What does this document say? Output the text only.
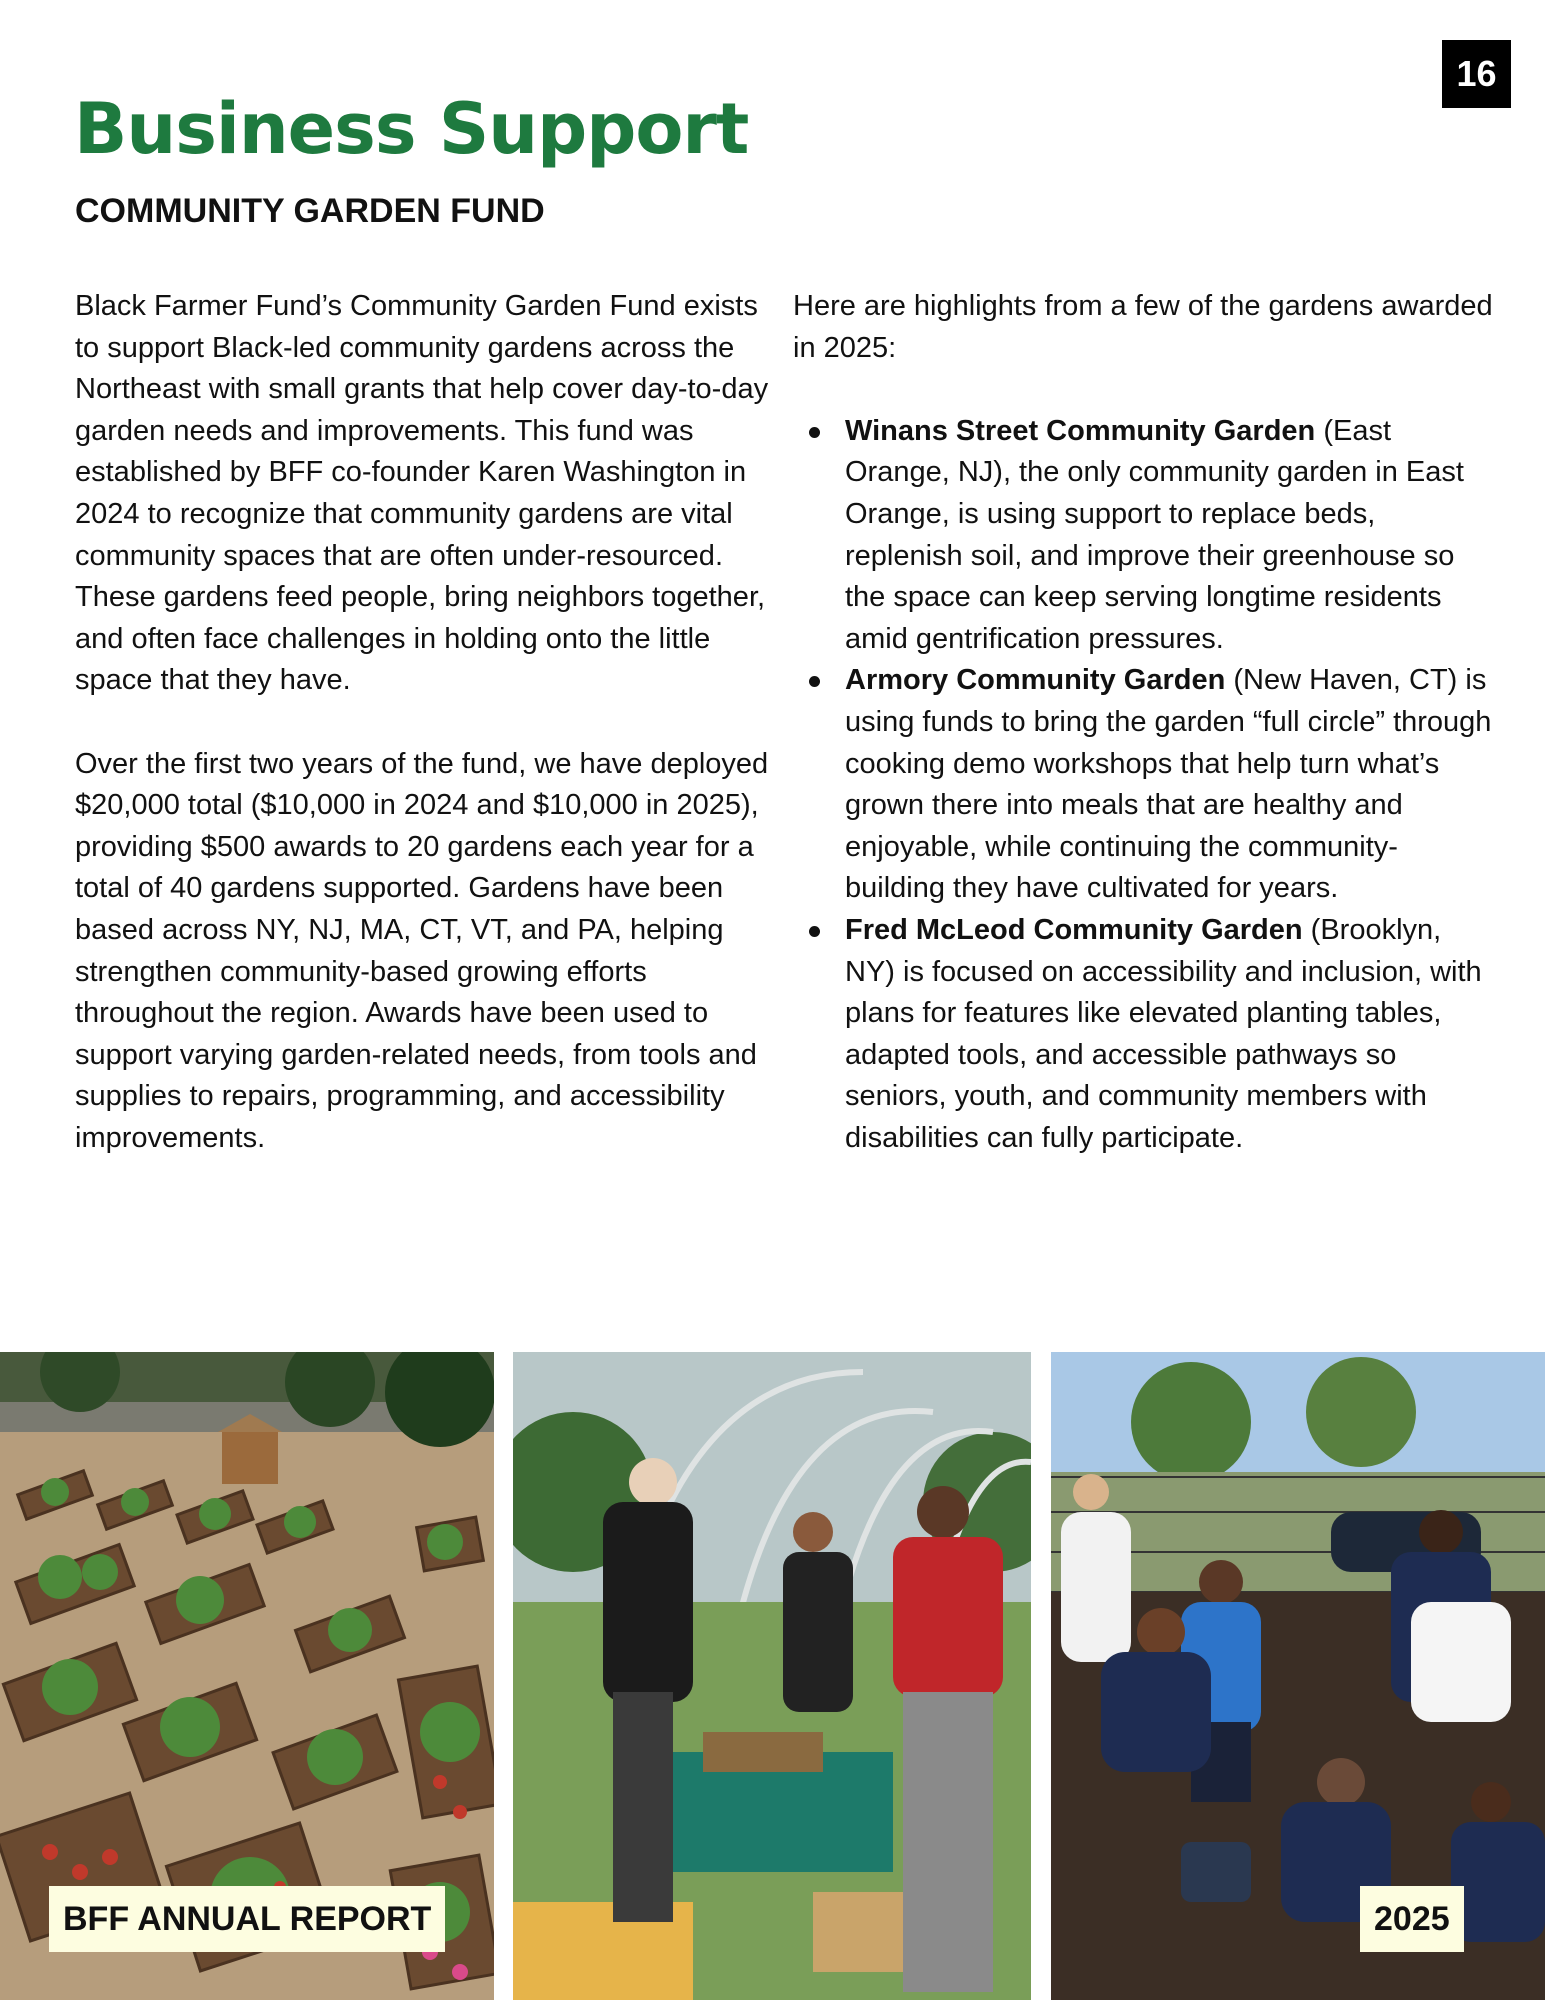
16
Business Support
COMMUNITY GARDEN FUND

Black Farmer Fund’s Community Garden Fund exists to support Black-led community gardens across the Northeast with small grants that help cover day-to-day garden needs and improvements. This fund was established by BFF co-founder Karen Washington in 2024 to recognize that community gardens are vital community spaces that are often under-resourced. These gardens feed people, bring neighbors together, and often face challenges in holding onto the little space that they have.

Over the first two years of the fund, we have deployed $20,000 total ($10,000 in 2024 and $10,000 in 2025), providing $500 awards to 20 gardens each year for a total of 40 gardens supported. Gardens have been based across NY, NJ, MA, CT, VT, and PA, helping strengthen community-based growing efforts throughout the region. Awards have been used to support varying garden-related needs, from tools and supplies to repairs, programming, and accessibility improvements.

Here are highlights from a few of the gardens awarded in 2025:

Winans Street Community Garden (East Orange, NJ), the only community garden in East Orange, is using support to replace beds, replenish soil, and improve their greenhouse so the space can keep serving longtime residents amid gentrification pressures.
Armory Community Garden (New Haven, CT) is using funds to bring the garden “full circle” through cooking demo workshops that help turn what’s grown there into meals that are healthy and enjoyable, while continuing the community-building they have cultivated for years.
Fred McLeod Community Garden (Brooklyn, NY) is focused on accessibility and inclusion, with plans for features like elevated planting tables, adapted tools, and accessible pathways so seniors, youth, and community members with disabilities can fully participate.
BFF ANNUAL REPORT	2025
